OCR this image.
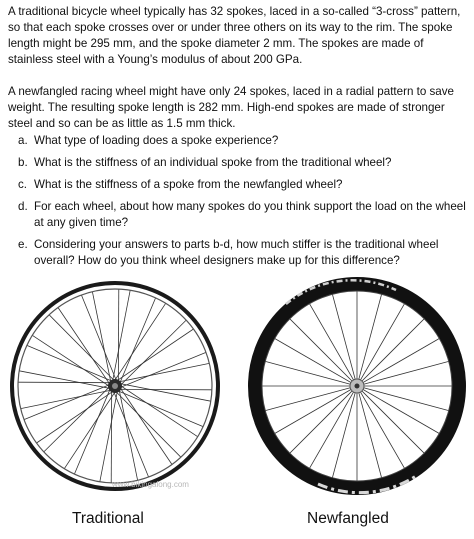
A traditional bicycle wheel typically has 32 spokes, laced in a so-called “3-cross” pattern, so that each spoke crosses over or under three others on its way to the rim. The spoke length might be 295 mm, and the spoke diameter 2 mm. The spokes are made of stainless steel with a Young’s modulus of about 200 GPa.

A newfangled racing wheel might have only 24 spokes, laced in a radial pattern to save weight. The resulting spoke length is 282 mm. High-end spokes are made of stronger steel and so can be as little as 1.5 mm thick.

a. What type of loading does a spoke experience?
b. What is the stiffness of an individual spoke from the traditional wheel?
c. What is the stiffness of a spoke from the newfangled wheel?
d. For each wheel, about how many spokes do you think support the load on the wheel at any given time?
e. Considering your answers to parts b-d, how much stiffer is the traditional wheel overall? How do you think wheel designers make up for this difference?
www.bikingalong.com
Traditional	Newfangled
